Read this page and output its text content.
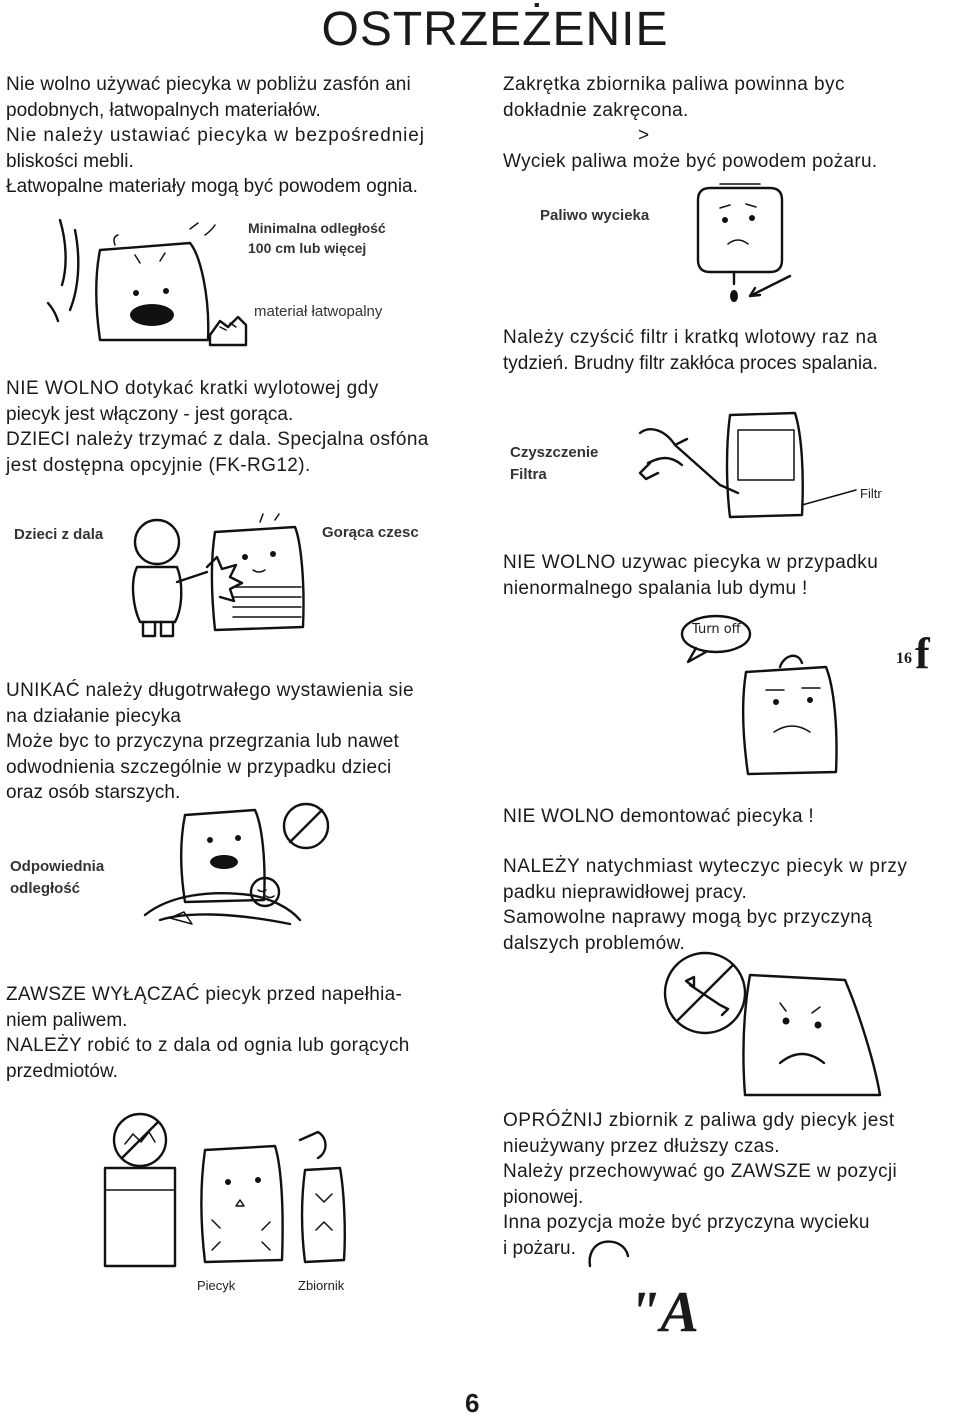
OSTRZEŻENIE
Nie wolno używać piecyka w pobliżu zasfón ani
podobnych, łatwopalnych materiałów.
Nie należy ustawiać piecyka w bezpośredniej
bliskości mebli.
Łatwopalne materiały mogą być powodem ognia.
Minimalna odległość
100 cm lub więcej
materiał łatwopalny
NIE WOLNO dotykać kratki wylotowej gdy
piecyk jest włączony - jest gorąca.
DZIECI należy trzymać z dala. Specjalna osfóna
jest dostępna opcyjnie (FK-RG12).
Dzieci z dala	Gorąca czesc
UNIKAĆ należy długotrwałego wystawienia sie
na działanie piecyka
Może byc to przyczyna przegrzania lub nawet
odwodnienia szczególnie w przypadku dzieci
oraz osób starszych.
Odpowiednia
odległość
ZAWSZE WYŁĄCZAĆ piecyk przed napełhia-
niem paliwem.
NALEŻY robić to z dala od ognia lub gorących
przedmiotów.
Piecyk	Zbiornik
Zakrętka zbiornika paliwa powinna byc
dokładnie zakręcona.
>
Wyciek paliwa może być powodem pożaru.
Paliwo wycieka
Należy czyścić filtr i kratkq wlotowy raz na
tydzień. Brudny filtr zakłóca proces spalania.
Czyszczenie
Filtra
Filtr
NIE WOLNO uzywac piecyka w przypadku
nienormalnego spalania lub dymu !
Turn off
16 f
NIE WOLNO demontować piecyka !
NALEŻY natychmiast wyteczyc piecyk w przy
padku nieprawidłowej pracy.
Samowolne naprawy mogą byc przyczyną
dalszych problemów.
OPRÓŻNIJ zbiornik z paliwa gdy piecyk jest
nieużywany przez dłuższy czas.
Należy przechowywać go ZAWSZE w pozycji
pionowej.
Inna pozycja może być przyczyna wycieku
i pożaru.
"A
6
